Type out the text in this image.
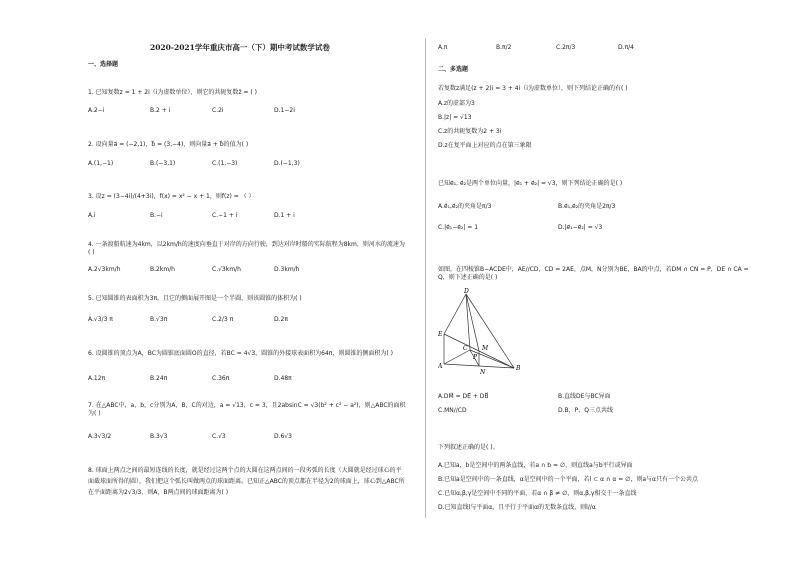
2020-2021学年重庆市高一（下）期中考试数学试卷
一、选择题
1. 已知复数z = 1 + 2i（i为虚数单位），则它的共轭复数z̄ = ( )
A.2−i	B.2 + i	C.2i	D.1−2i
2. 设向量a⃗ = (−2,1)，b⃗ = (3,−4)，则向量a⃗ + b⃗的值为( )
A.(1,−1)	B.(−3,1)	C.(1,−3)	D.(−1,3)
3. 设z = (3−4i)/(4+3i)，f(x) = x² − x + 1，则f(z) = （ ）
A.i	B.−i	C.−1 + i	D.1 + i
4. 一条渡船航速为4km，以2km/h的速度向垂直于对岸的方向行驶，到达对岸时船的实际航程为8km，则河水的流速为( )
A.2√3km/h	B.2km/h	C.√3km/h	D.3km/h
5. 已知圆锥的表面积为3π，且它的侧面展开图是一个半圆，则该圆锥的体积为( )
A.√3/3 π	B.√3π	C.2/3 π	D.2π
6. 设圆锥的顶点为A，BC为圆锥底面圆O的直径，若BC = 4√3，圆锥的外接球表面积为64π，则圆锥的侧面积为( )
A.12π	B.24π	C.36π	D.48π
7. 在△ABC中，a，b，c分别为A，B，C的对边，a = √13，c = 3，且2absinC = √3(b² + c² − a²)，则△ABC的面积为( )
A.3√3/2	B.3√3	C.√3	D.6√3
8. 球面上两点之间的最短连线的长度，就是经过这两个点的大圆在这两点间的一段劣弧的长度（大圆就是经过球心的平面截球面所得的圆），我们把这个弧长叫做两点的球面距离。已知正△ABC的顶点都在半径为2的球面上，球心到△ABC所在平面距离为2√3/3，则A，B两点间的球面距离为( )
A.π	B.π/2	C.2π/3	D.π/4
二、多选题
若复数z满足(z + 2)i = 3 + 4i（i为虚数单位），则下列结论正确的有( )
A.z的虚部为3
B.|z| = √13
C.z的共轭复数为2 + 3i
D.z在复平面上对应的点在第三象限
已知e⃗₁, e⃗₂是两个单位向量，|e⃗₁ + e⃗₂| = √3，则下列结论正确的是( )
A.e⃗₁,e⃗₂的夹角是π/3	B.e⃗₁,e⃗₂的夹角是2π/3
C.|e⃗₁−e⃗₂| = 1	D.|e⃗₁−e⃗₂| = √3
如图，在四棱锥B−ACDE中，AE//CD，CD = 2AE，点M，N分别为BE，BA的中点，若DM ∩ CN = P，DE ∩ CA = Q，则下述正确的是( )
D
E
C M
P
A
N
B
A.DM⃗ = DE⃗ + DB⃗	B.直线DE与BC异面
C.MN//CD	D.B，P，Q三点共线
下列叙述正确的是( )。
A.已知a，b是空间中的两条直线，若a ∩ b = ∅，则直线a与b平行或异面
B.已知a是空间中的一条直线，α是空间中的一个平面，若l ⊂ α ∩ α = ∅，则a与α只有一个公共点
C.已知α,β,γ是空间中不同的平面，若α ∩ β ≠ ∅，则α,β,γ相交于一条直线
D.已知直线l与平面α，且平行于平面α的无数条直线，则l//α
